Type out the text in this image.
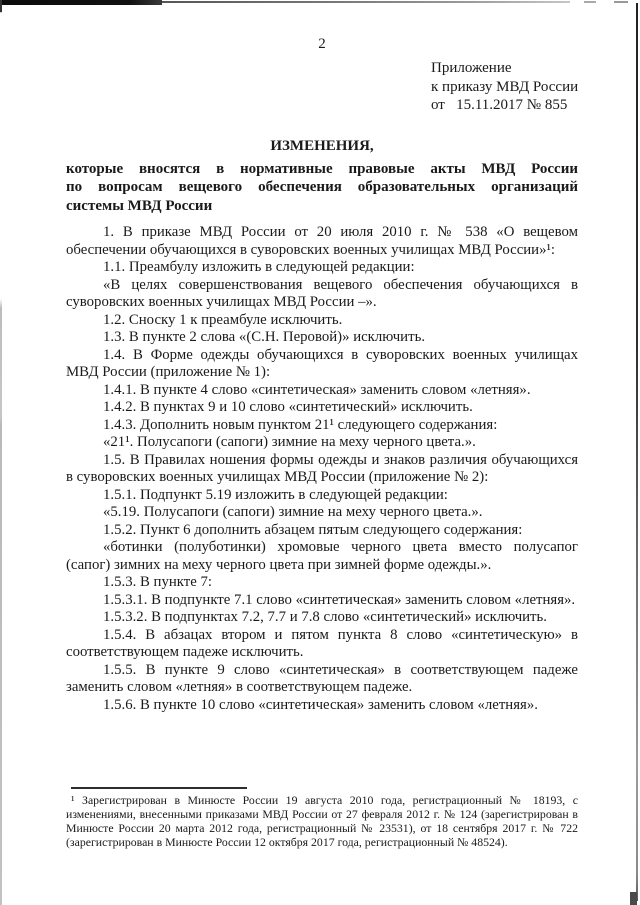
2
Приложение
к приказу МВД России
от   15.11.2017 № 855
ИЗМЕНЕНИЯ,
которые вносятся в нормативные правовые акты МВД России
по вопросам вещевого обеспечения образовательных организаций
системы МВД России

1. В приказе МВД России от 20 июля 2010 г. № 538 «О вещевом обеспечении обучающихся в суворовских военных училищах МВД России»¹:

1.1. Преамбулу изложить в следующей редакции:

«В целях совершенствования вещевого обеспечения обучающихся в суворовских военных училищах МВД России –».

1.2. Сноску 1 к преамбуле исключить.

1.3. В пункте 2 слова «(С.Н. Перовой)» исключить.

1.4. В Форме одежды обучающихся в суворовских военных училищах МВД России (приложение № 1):

1.4.1. В пункте 4 слово «синтетическая» заменить словом «летняя».

1.4.2. В пунктах 9 и 10 слово «синтетический» исключить.

1.4.3. Дополнить новым пунктом 21¹ следующего содержания:

«21¹. Полусапоги (сапоги) зимние на меху черного цвета.».

1.5. В Правилах ношения формы одежды и знаков различия обучающихся в суворовских военных училищах МВД России (приложение № 2):

1.5.1. Подпункт 5.19 изложить в следующей редакции:

«5.19. Полусапоги (сапоги) зимние на меху черного цвета.».

1.5.2. Пункт 6 дополнить абзацем пятым следующего содержания:

«ботинки (полуботинки) хромовые черного цвета вместо полусапог (сапог) зимних на меху черного цвета при зимней форме одежды.».

1.5.3. В пункте 7:

1.5.3.1. В подпункте 7.1 слово «синтетическая» заменить словом «летняя».

1.5.3.2. В подпунктах 7.2, 7.7 и 7.8 слово «синтетический» исключить.

1.5.4. В абзацах втором и пятом пункта 8 слово «синтетическую» в соответствующем падеже исключить.

1.5.5. В пункте 9 слово «синтетическая» в соответствующем падеже заменить словом «летняя» в соответствующем падеже.

1.5.6. В пункте 10 слово «синтетическая» заменить словом «летняя».

¹ Зарегистрирован в Минюсте России 19 августа 2010 года, регистрационный № 18193, с изменениями, внесенными приказами МВД России от 27 февраля 2012 г. № 124 (зарегистрирован в Минюсте России 20 марта 2012 года, регистрационный № 23531), от 18 сентября 2017 г. № 722 (зарегистрирован в Минюсте России 12 октября 2017 года, регистрационный № 48524).
